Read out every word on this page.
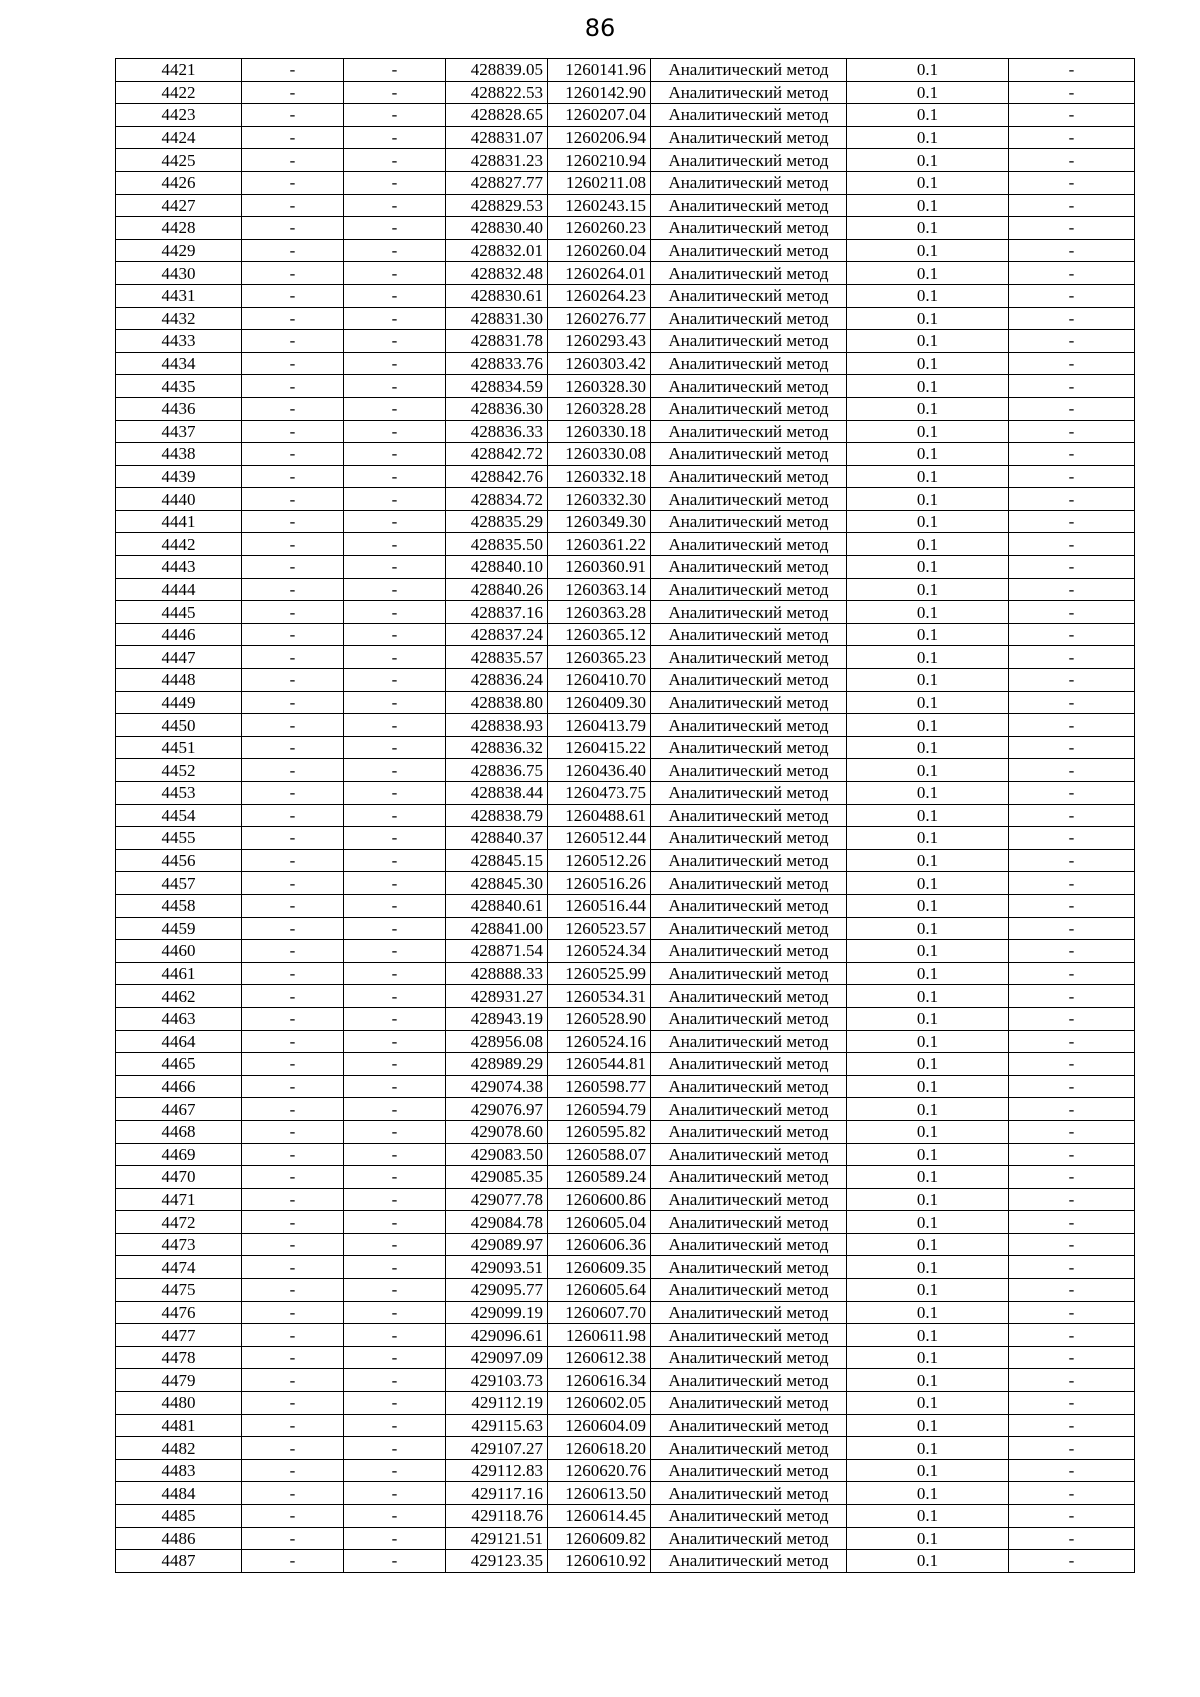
86
4421	-	-	428839.05	1260141.96	Аналитический метод	0.1	-
4422	-	-	428822.53	1260142.90	Аналитический метод	0.1	-
4423	-	-	428828.65	1260207.04	Аналитический метод	0.1	-
4424	-	-	428831.07	1260206.94	Аналитический метод	0.1	-
4425	-	-	428831.23	1260210.94	Аналитический метод	0.1	-
4426	-	-	428827.77	1260211.08	Аналитический метод	0.1	-
4427	-	-	428829.53	1260243.15	Аналитический метод	0.1	-
4428	-	-	428830.40	1260260.23	Аналитический метод	0.1	-
4429	-	-	428832.01	1260260.04	Аналитический метод	0.1	-
4430	-	-	428832.48	1260264.01	Аналитический метод	0.1	-
4431	-	-	428830.61	1260264.23	Аналитический метод	0.1	-
4432	-	-	428831.30	1260276.77	Аналитический метод	0.1	-
4433	-	-	428831.78	1260293.43	Аналитический метод	0.1	-
4434	-	-	428833.76	1260303.42	Аналитический метод	0.1	-
4435	-	-	428834.59	1260328.30	Аналитический метод	0.1	-
4436	-	-	428836.30	1260328.28	Аналитический метод	0.1	-
4437	-	-	428836.33	1260330.18	Аналитический метод	0.1	-
4438	-	-	428842.72	1260330.08	Аналитический метод	0.1	-
4439	-	-	428842.76	1260332.18	Аналитический метод	0.1	-
4440	-	-	428834.72	1260332.30	Аналитический метод	0.1	-
4441	-	-	428835.29	1260349.30	Аналитический метод	0.1	-
4442	-	-	428835.50	1260361.22	Аналитический метод	0.1	-
4443	-	-	428840.10	1260360.91	Аналитический метод	0.1	-
4444	-	-	428840.26	1260363.14	Аналитический метод	0.1	-
4445	-	-	428837.16	1260363.28	Аналитический метод	0.1	-
4446	-	-	428837.24	1260365.12	Аналитический метод	0.1	-
4447	-	-	428835.57	1260365.23	Аналитический метод	0.1	-
4448	-	-	428836.24	1260410.70	Аналитический метод	0.1	-
4449	-	-	428838.80	1260409.30	Аналитический метод	0.1	-
4450	-	-	428838.93	1260413.79	Аналитический метод	0.1	-
4451	-	-	428836.32	1260415.22	Аналитический метод	0.1	-
4452	-	-	428836.75	1260436.40	Аналитический метод	0.1	-
4453	-	-	428838.44	1260473.75	Аналитический метод	0.1	-
4454	-	-	428838.79	1260488.61	Аналитический метод	0.1	-
4455	-	-	428840.37	1260512.44	Аналитический метод	0.1	-
4456	-	-	428845.15	1260512.26	Аналитический метод	0.1	-
4457	-	-	428845.30	1260516.26	Аналитический метод	0.1	-
4458	-	-	428840.61	1260516.44	Аналитический метод	0.1	-
4459	-	-	428841.00	1260523.57	Аналитический метод	0.1	-
4460	-	-	428871.54	1260524.34	Аналитический метод	0.1	-
4461	-	-	428888.33	1260525.99	Аналитический метод	0.1	-
4462	-	-	428931.27	1260534.31	Аналитический метод	0.1	-
4463	-	-	428943.19	1260528.90	Аналитический метод	0.1	-
4464	-	-	428956.08	1260524.16	Аналитический метод	0.1	-
4465	-	-	428989.29	1260544.81	Аналитический метод	0.1	-
4466	-	-	429074.38	1260598.77	Аналитический метод	0.1	-
4467	-	-	429076.97	1260594.79	Аналитический метод	0.1	-
4468	-	-	429078.60	1260595.82	Аналитический метод	0.1	-
4469	-	-	429083.50	1260588.07	Аналитический метод	0.1	-
4470	-	-	429085.35	1260589.24	Аналитический метод	0.1	-
4471	-	-	429077.78	1260600.86	Аналитический метод	0.1	-
4472	-	-	429084.78	1260605.04	Аналитический метод	0.1	-
4473	-	-	429089.97	1260606.36	Аналитический метод	0.1	-
4474	-	-	429093.51	1260609.35	Аналитический метод	0.1	-
4475	-	-	429095.77	1260605.64	Аналитический метод	0.1	-
4476	-	-	429099.19	1260607.70	Аналитический метод	0.1	-
4477	-	-	429096.61	1260611.98	Аналитический метод	0.1	-
4478	-	-	429097.09	1260612.38	Аналитический метод	0.1	-
4479	-	-	429103.73	1260616.34	Аналитический метод	0.1	-
4480	-	-	429112.19	1260602.05	Аналитический метод	0.1	-
4481	-	-	429115.63	1260604.09	Аналитический метод	0.1	-
4482	-	-	429107.27	1260618.20	Аналитический метод	0.1	-
4483	-	-	429112.83	1260620.76	Аналитический метод	0.1	-
4484	-	-	429117.16	1260613.50	Аналитический метод	0.1	-
4485	-	-	429118.76	1260614.45	Аналитический метод	0.1	-
4486	-	-	429121.51	1260609.82	Аналитический метод	0.1	-
4487	-	-	429123.35	1260610.92	Аналитический метод	0.1	-
